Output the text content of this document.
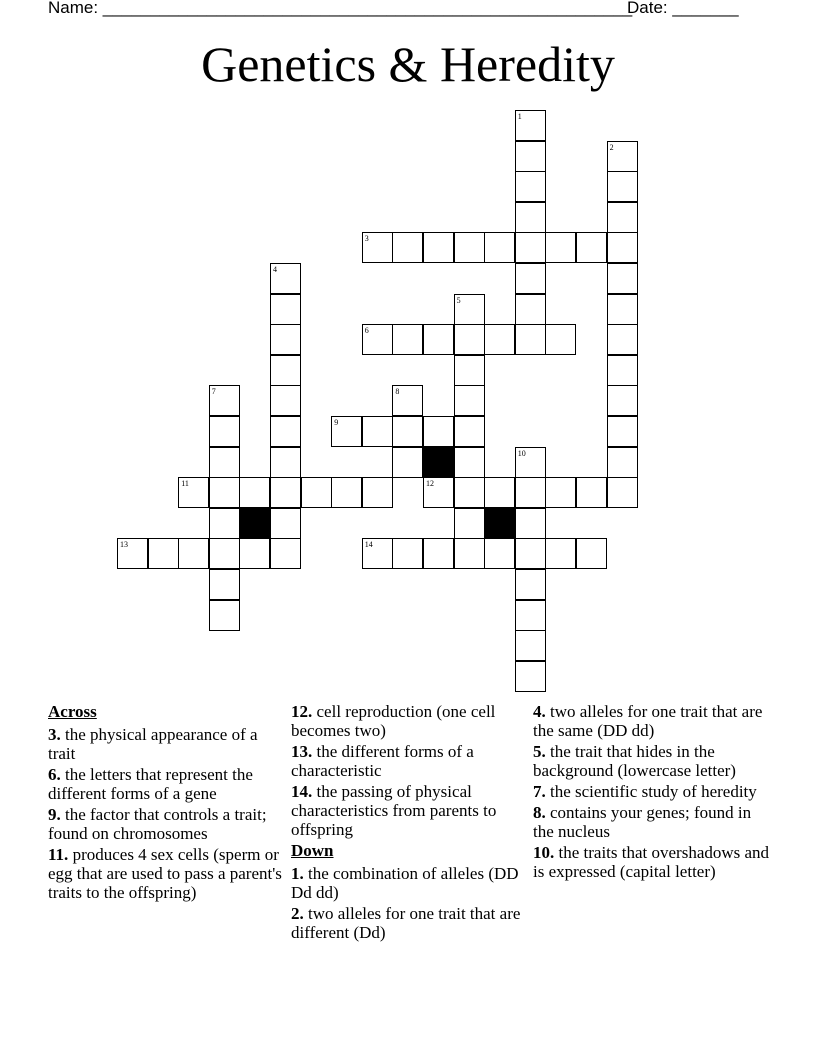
Name: ________________________________________________________
Date: _______
Genetics & Heredity
1
2
3
4
5
6
7	8
9
10
11	12
13	14
Across
3. the physical appearance of a trait
6. the letters that represent the different forms of a gene
9. the factor that controls a trait; found on chromosomes
11. produces 4 sex cells (sperm or egg that are used to pass a parent's traits to the offspring)
12. cell reproduction (one cell becomes two)
13. the different forms of a characteristic
14. the passing of physical characteristics from parents to offspring
Down
1. the combination of alleles (DD Dd dd)
2. two alleles for one trait that are different (Dd)
4. two alleles for one trait that are the same (DD dd)
5. the trait that hides in the background (lowercase letter)
7. the scientific study of heredity
8. contains your genes; found in the nucleus
10. the traits that overshadows and is expressed (capital letter)
